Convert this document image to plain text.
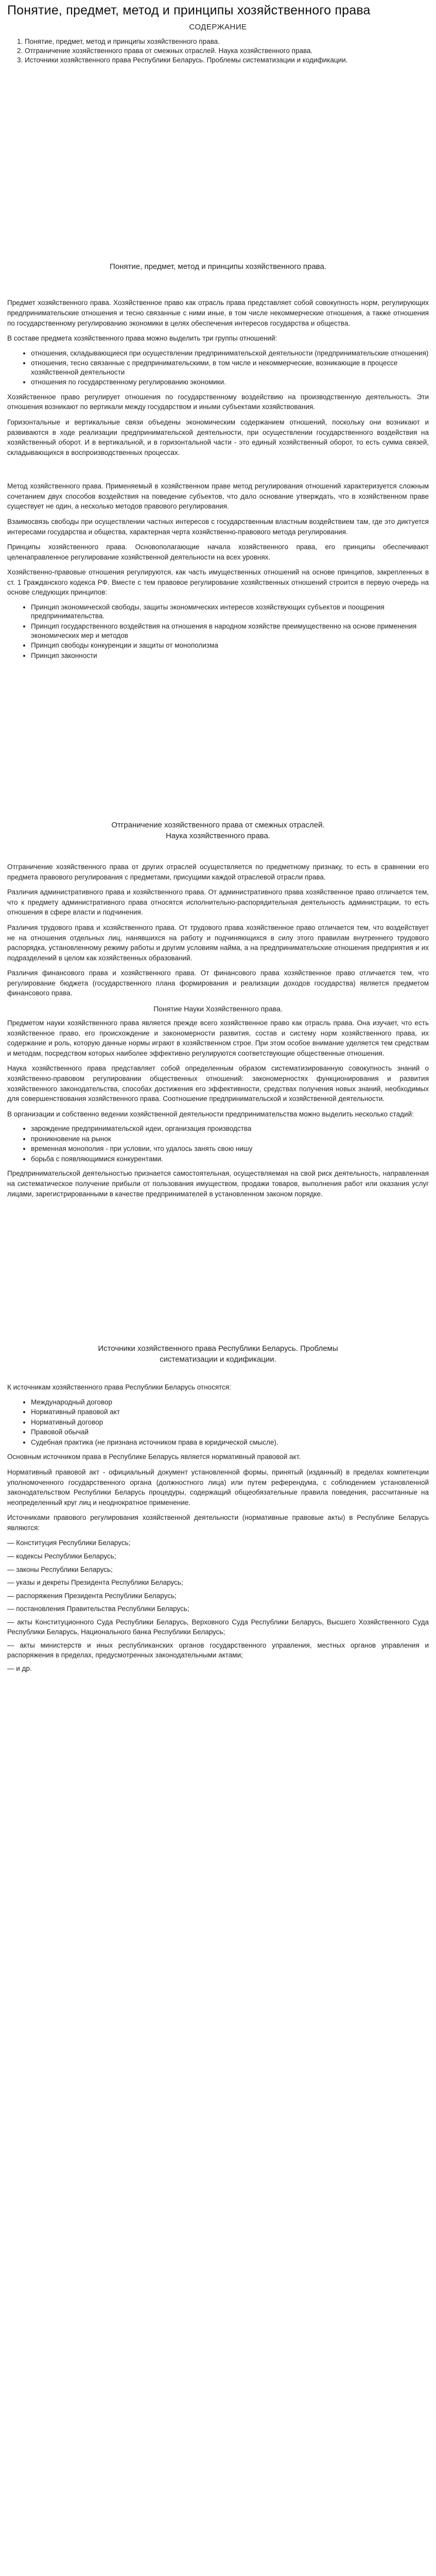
Понятие, предмет, метод и принципы хозяйственного права
СОДЕРЖАНИЕ
1. Понятие, предмет, метод и принципы хозяйственного права.
2. Отграничение хозяйственного права от смежных отраслей. Наука хозяйственного права.
3. Источники хозяйственного права Республики Беларусь. Проблемы систематизации и кодификации.
Понятие, предмет, метод и принципы хозяйственного права.

Предмет хозяйственного права. Хозяйственное право как отрасль права представляет собой совокупность норм, регулирующих предпринимательские отношения и тесно связанные с ними иные, в том числе некоммерческие отношения, а также отношения по государственному регулированию экономики в целях обеспечения интересов государства и общества.

В составе предмета хозяйственного права можно выделить три группы отношений:

• отношения, складывающиеся при осуществлении предпринимательской деятельности (предпринимательские отношения)
• отношения, тесно связанные с предпринимательскими, в том числе и некоммерческие, возникающие в процессе хозяйственной деятельности
• отношения по государственному регулированию экономики.

Хозяйственное право регулирует отношения по государственному воздействию на производственную деятельность. Эти отношения возникают по вертикали между государством и иными субъектами хозяйствования.

Горизонтальные и вертикальные связи объедены экономическим содержанием отношений, поскольку они возникают и развиваются в ходе реализации предпринимательской деятельности, при осуществлении государственного воздействия на хозяйственный оборот. И в вертикальной, и в горизонтальной части - это единый хозяйственный оборот, то есть сумма связей, складывающихся в воспроизводственных процессах.

Метод хозяйственного права. Применяемый в хозяйственном праве метод регулирования отношений характеризуется сложным сочетанием двух способов воздействия на поведение субъектов, что дало основание утверждать, что в хозяйственном праве существует не один, а несколько методов правового регулирования.

Взаимосвязь свободы при осуществлении частных интересов с государственным властным воздействием там, где это диктуется интересами государства и общества, характерная черта хозяйственно-правового метода регулирования.

Принципы хозяйственного права. Основополагающие начала хозяйственного права, его принципы обеспечивают целенаправленное регулирование хозяйственной деятельности на всех уровнях.

Хозяйственно-правовые отношения регулируются, как часть имущественных отношений на основе принципов, закрепленных в ст. 1 Гражданского кодекса РФ. Вместе с тем правовое регулирование хозяйственных отношений строится в первую очередь на основе следующих принципов:

• Принцип экономической свободы, защиты экономических интересов хозяйствующих субъектов и поощрения предпринимательства.
• Принцип государственного воздействия на отношения в народном хозяйстве преимущественно на основе применения экономических мер и методов
• Принцип свободы конкуренции и защиты от монополизма
• Принцип законности
Отграничение хозяйственного права от смежных отраслей.
Наука хозяйственного права.

Отграничение хозяйственного права от других отраслей осуществляется по предметному признаку, то есть в сравнении его предмета правового регулирования с предметами, присущими каждой отраслевой отрасли права.

Различия административного права и хозяйственного права. От административного права хозяйственное право отличается тем, что к предмету административного права относятся исполнительно-распорядительная деятельность администрации, то есть отношения в сфере власти и подчинения.

Различия трудового права и хозяйственного права. От трудового права хозяйственное право отличается тем, что воздействует не на отношения отдельных лиц, нанявшихся на работу и подчиняющихся в силу этого правилам внутреннего трудового распорядка, установленному режиму работы и другим условиям найма, а на предпринимательские отношения предприятия и их подразделений в целом как хозяйственных образований.

Различия финансового права и хозяйственного права. От финансового права хозяйственное право отличается тем, что регулирование бюджета (государственного плана формирования и реализации доходов государства) является предметом финансового права.

Понятие Науки Хозяйственного права.

Предметом науки хозяйственного права является прежде всего хозяйственное право как отрасль права. Она изучает, что есть хозяйственное право, его происхождение и закономерности развития, состав и систему норм хозяйственного права, их содержание и роль, которую данные нормы играют в хозяйственном строе. При этом особое внимание уделяется тем средствам и методам, посредством которых наиболее эффективно регулируются соответствующие общественные отношения.

Наука хозяйственного права представляет собой определенным образом систематизированную совокупность знаний о хозяйственно-правовом регулировании общественных отношений: закономерностях функционирования и развития хозяйственного законодательства, способах достижения его эффективности, средствах получения новых знаний, необходимых для совершенствования хозяйственного права. Соотношение предпринимательской и хозяйственной деятельности.

В организации и собственно ведении хозяйственной деятельности предпринимательства можно выделить несколько стадий:

• зарождение предпринимательской идеи, организация производства
• проникновение на рынок
• временная монополия - при условии, что удалось занять свою нишу
• борьба с появляющимися конкурентами.

Предпринимательской деятельностью признается самостоятельная, осуществляемая на свой риск деятельность, направленная на систематическое получение прибыли от пользования имуществом, продажи товаров, выполнения работ или оказания услуг лицами, зарегистрированными в качестве предпринимателей в установленном законом порядке.

Источники хозяйственного права Республики Беларусь. Проблемы
систематизации и кодификации.

К источникам хозяйственного права Республики Беларусь относятся:

• Международный договор
• Нормативный правовой акт
• Нормативный договор
• Правовой обычай
• Судебная практика (не признана источником права в юридической смысле).

Основным источником права в Республике Беларусь является нормативный правовой акт.

Нормативный правовой акт - официальный документ установленной формы, принятый (изданный) в пределах компетенции уполномоченного государственного органа (должностного лица) или путем референдума, с соблюдением установленной законодательством Республики Беларусь процедуры, содержащий общеобязательные правила поведения, рассчитанные на неопределенный круг лиц и неоднократное применение.

Источниками правового регулирования хозяйственной деятельности (нормативные правовые акты) в Республике Беларусь являются:

— Конституция Республики Беларусь;

— кодексы Республики Беларусь;

— законы Республики Беларусь;

— указы и декреты Президента Республики Беларусь;

— распоряжения Президента Республики Беларусь;

— постановления Правительства Республики Беларусь;

— акты Конституционного Суда Республики Беларусь, Верховного Суда Республики Беларусь, Высшего Хозяйственного Суда Республики Беларусь, Национального банка Республики Беларусь;

— акты министерств и иных республиканских органов государственного управления, местных органов управления и распоряжения в пределах, предусмотренных законодательными актами;

— и др.
